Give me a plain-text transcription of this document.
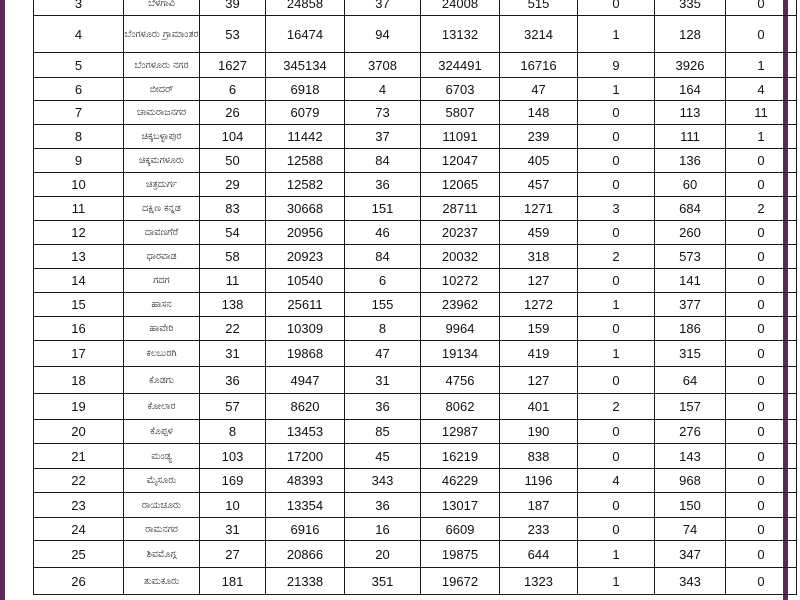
3	ಬೆಳಗಾವಿ	39	24858	37	24008	515	0	335	0
4	ಬೆಂಗಳೂರು ಗ್ರಾಮಾಂತರ	53	16474	94	13132	3214	1	128	0
5	ಬೆಂಗಳೂರು ನಗರ	1627	345134	3708	324491	16716	9	3926	1
6	ಬೀದರ್	6	6918	4	6703	47	1	164	4
7	ಚಾಮರಾಜನಗರ	26	6079	73	5807	148	0	113	11
8	ಚಿಕ್ಕಬಳ್ಳಾಪುರ	104	11442	37	11091	239	0	111	1
9	ಚಿಕ್ಕಮಗಳೂರು	50	12588	84	12047	405	0	136	0
10	ಚಿತ್ರದುರ್ಗ	29	12582	36	12065	457	0	60	0
11	ದಕ್ಷಿಣ ಕನ್ನಡ	83	30668	151	28711	1271	3	684	2
12	ದಾವಣಗೆರೆ	54	20956	46	20237	459	0	260	0
13	ಧಾರವಾಡ	58	20923	84	20032	318	2	573	0
14	ಗದಗ	11	10540	6	10272	127	0	141	0
15	ಹಾಸನ	138	25611	155	23962	1272	1	377	0
16	ಹಾವೇರಿ	22	10309	8	9964	159	0	186	0
17	ಕಲಬುರಗಿ	31	19868	47	19134	419	1	315	0
18	ಕೊಡಗು	36	4947	31	4756	127	0	64	0
19	ಕೋಲಾರ	57	8620	36	8062	401	2	157	0
20	ಕೊಪ್ಪಳ	8	13453	85	12987	190	0	276	0
21	ಮಂಡ್ಯ	103	17200	45	16219	838	0	143	0
22	ಮೈಸೂರು	169	48393	343	46229	1196	4	968	0
23	ರಾಯಚೂರು	10	13354	36	13017	187	0	150	0
24	ರಾಮನಗರ	31	6916	16	6609	233	0	74	0
25	ಶಿವಮೊಗ್ಗ	27	20866	20	19875	644	1	347	0
26	ತುಮಕೂರು	181	21338	351	19672	1323	1	343	0
